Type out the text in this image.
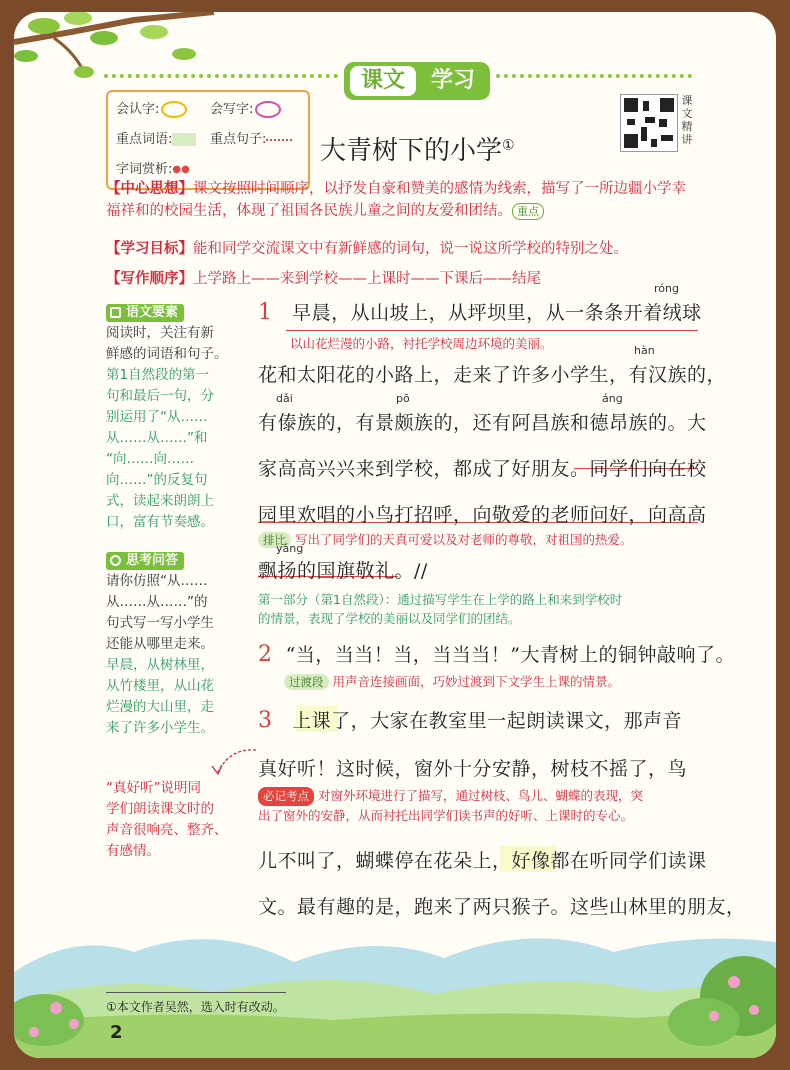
课文	学习
会认字:	会写字:
重点词语:	重点句子:
字词赏析:●●
大青树下的小学①
课文精讲
【中心思想】课文按照时间顺序，以抒发自豪和赞美的感情为线索，描写了一所边疆小学幸
福祥和的校园生活，体现了祖国各民族儿童之间的友爱和团结。 重点
【学习目标】能和同学交流课文中有新鲜感的词句，说一说这所学校的特别之处。
【写作顺序】上学路上——来到学校——上课时——下课后——结尾
语文要素
阅读时，关注有新
鲜感的词语和句子。
第1自然段的第一
句和最后一句，分
别运用了“从……
从……从……”和
“向……向……
向……”的反复句
式，读起来朗朗上
口，富有节奏感。
思考问答
请你仿照“从……
从……从……”的
句式写一写小学生
还能从哪里走来。
早晨，从树林里，
从竹楼里，从山花
烂漫的大山里，走
来了许多小学生。
“真好听”说明同
学们朗读课文时的
声音很响亮、整齐、
有感情。
róng
1 早晨，从山坡上，从坪坝里，从一条条开着绒球
以山花烂漫的小路，衬托学校周边环境的美丽。	hàn
花和太阳花的小路上，走来了许多小学生，有汉族的，
dǎi	pō	áng
有傣族的，有景颇族的，还有阿昌族和德昂族的。大
家高高兴兴来到学校，都成了好朋友。同学们向在校
园里欢唱的小鸟打招呼，向敬爱的老师问好，向高高
排比 写出了同学们的天真可爱以及对老师的尊敬，对祖国的热爱。
yáng
飘扬的国旗敬礼。//
第一部分（第1自然段）：通过描写学生在上学的路上和来到学校时
的情景，表现了学校的美丽以及同学们的团结。
2 “当，当当！当，当当当！”大青树上的铜钟敲响了。
过渡段 用声音连接画面，巧妙过渡到下文学生上课的情景。
3 上课了，大家在教室里一起朗读课文，那声音
真好听！这时候，窗外十分安静，树枝不摇了，鸟
必记考点 对窗外环境进行了描写，通过树枝、鸟儿、蝴蝶的表现，突
出了窗外的安静，从而衬托出同学们读书声的好听、上课时的专心。
儿不叫了，蝴蝶停在花朵上，好像都在听同学们读课
文。最有趣的是，跑来了两只猴子。这些山林里的朋友，
①本文作者吴然，选入时有改动。
2
